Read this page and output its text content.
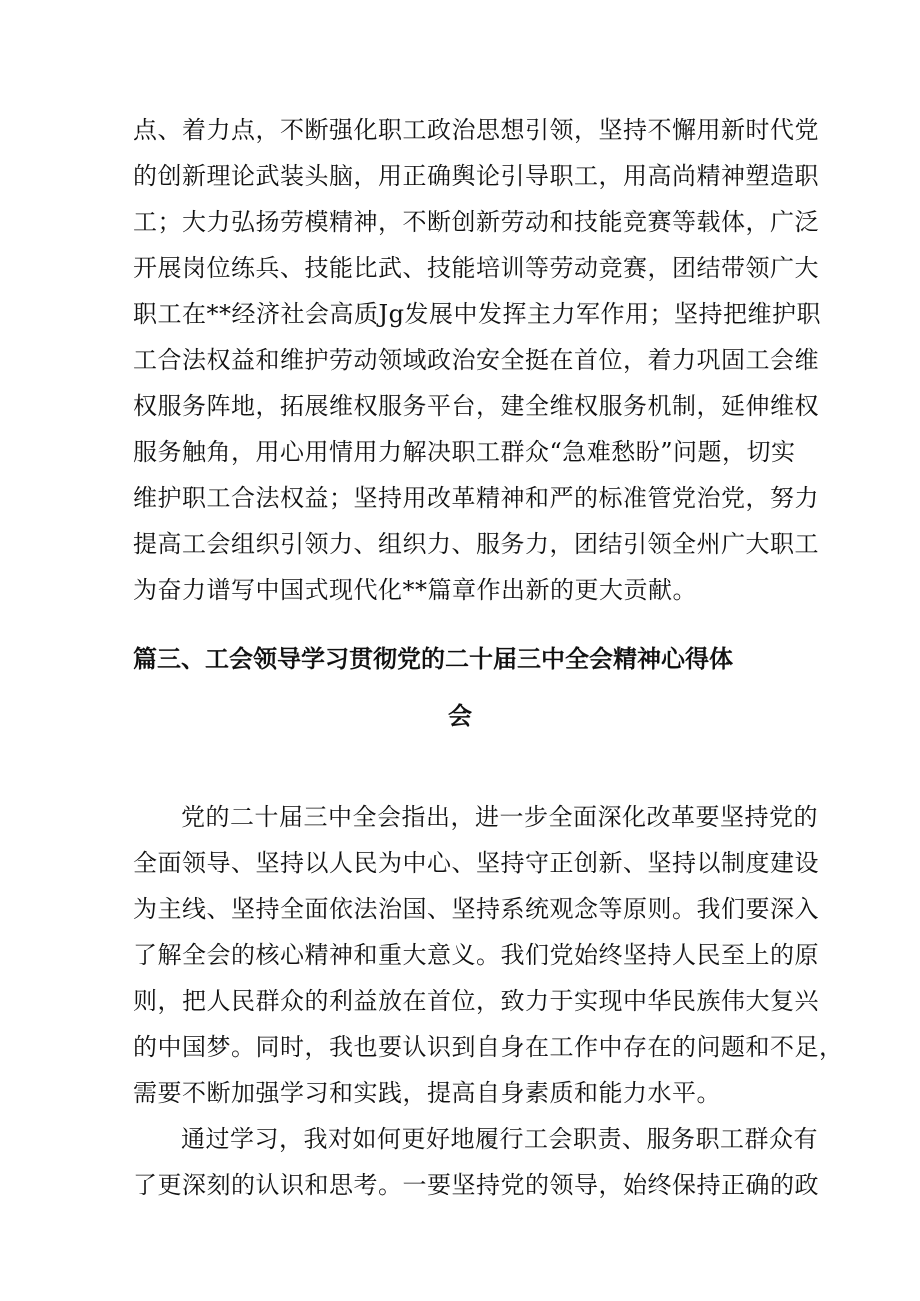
点、着力点，不断强化职工政治思想引领，坚持不懈用新时代党
的创新理论武装头脑，用正确舆论引导职工，用高尚精神塑造职
工；大力弘扬劳模精神，不断创新劳动和技能竞赛等载体，广泛
开展岗位练兵、技能比武、技能培训等劳动竞赛，团结带领广大
职工在**经济社会高质Jg发展中发挥主力军作用；坚持把维护职
工合法权益和维护劳动领域政治安全挺在首位，着力巩固工会维
权服务阵地，拓展维权服务平台，建全维权服务机制，延伸维权
服务触角，用心用情用力解决职工群众“急难愁盼”问题，切实
维护职工合法权益；坚持用改革精神和严的标准管党治党，努力
提高工会组织引领力、组织力、服务力，团结引领全州广大职工
为奋力谱写中国式现代化**篇章作出新的更大贡献。
篇三、工会领导学习贯彻党的二十届三中全会精神心得体
会
党的二十届三中全会指出，进一步全面深化改革要坚持党的
全面领导、坚持以人民为中心、坚持守正创新、坚持以制度建设
为主线、坚持全面依法治国、坚持系统观念等原则。我们要深入
了解全会的核心精神和重大意义。我们党始终坚持人民至上的原
则，把人民群众的利益放在首位，致力于实现中华民族伟大复兴
的中国梦。同时，我也要认识到自身在工作中存在的问题和不足，
需要不断加强学习和实践，提高自身素质和能力水平。
通过学习，我对如何更好地履行工会职责、服务职工群众有
了更深刻的认识和思考。一要坚持党的领导，始终保持正确的政
